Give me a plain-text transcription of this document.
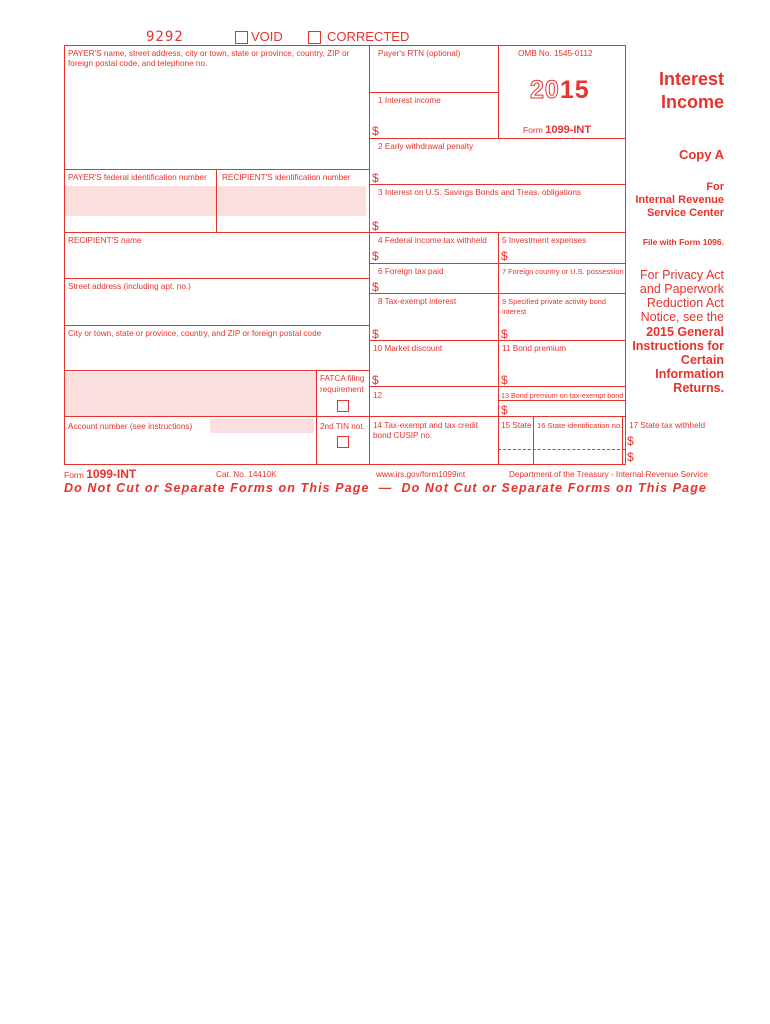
9292	VOID	CORRECTED
PAYER'S name, street address, city or town, state or province, country, ZIP or foreign postal code, and telephone no.
Payer's RTN (optional)
PAYER'S federal identification number RECIPIENT'S identification number
RECIPIENT'S name
Street address (including apt. no.)
City or town, state or province, country, and ZIP or foreign postal code
Account number (see instructions)
OMB No. 1545-0112
2015
Form 1099-INT
Interest
Income
1 Interest income
$
2 Early withdrawal penalty
$
3 Interest on U.S. Savings Bonds and Treas. obligations
$
4 Federal income tax withheld
$
5 Investment expenses
$
6 Foreign tax paid
$
7 Foreign country or U.S. possession
8 Tax-exempt interest
$
9 Specified private activity bond interest
$
10 Market discount
$
11 Bond premium
$
12	13 Bond premium on tax-exempt bond
$
14 Tax-exempt and tax credit bond CUSIP no.
15 State 16 State identification no. 17 State tax withheld
$
$
FATCA filing
requirement
2nd TIN not.
Copy A
For
Internal Revenue
Service Center
File with Form 1096.
For Privacy Act
and Paperwork
Reduction Act
Notice, see the
2015 General
Instructions for
Certain
Information
Returns.
Form 1099-INT	Cat. No. 14410K	www.irs.gov/form1099int	Department of the Treasury - Internal Revenue Service
Do Not Cut or Separate Forms on This Page  —  Do Not Cut or Separate Forms on This Page
